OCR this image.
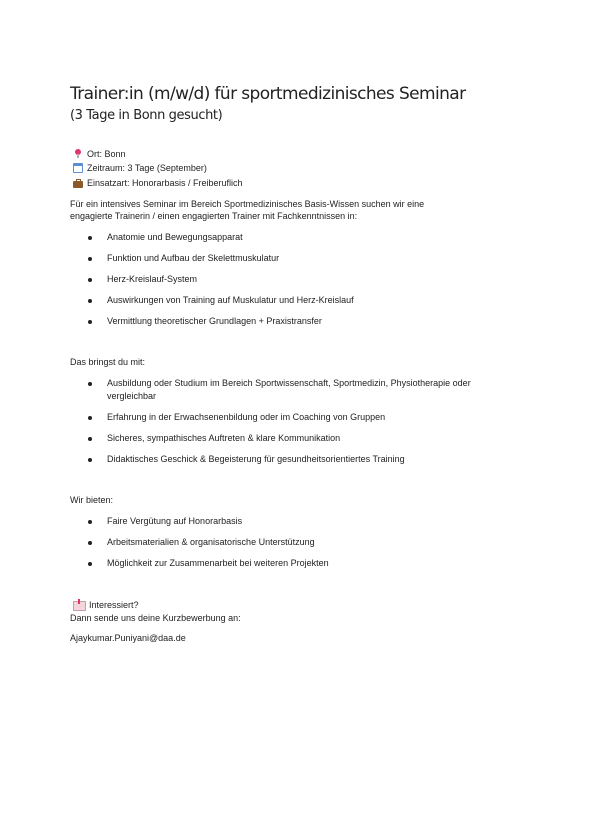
Trainer:in (m/w/d) für sportmedizinisches Seminar
(3 Tage in Bonn gesucht)
Ort: Bonn
Zeitraum: 3 Tage (September)
Einsatzart: Honorarbasis / Freiberuflich
Für ein intensives Seminar im Bereich Sportmedizinisches Basis-Wissen suchen wir eine
engagierte Trainerin / einen engagierten Trainer mit Fachkenntnissen in:
Anatomie und Bewegungsapparat
Funktion und Aufbau der Skelettmuskulatur
Herz-Kreislauf-System
Auswirkungen von Training auf Muskulatur und Herz-Kreislauf
Vermittlung theoretischer Grundlagen + Praxistransfer
Das bringst du mit:
Ausbildung oder Studium im Bereich Sportwissenschaft, Sportmedizin, Physiotherapie oder
vergleichbar
Erfahrung in der Erwachsenenbildung oder im Coaching von Gruppen
Sicheres, sympathisches Auftreten & klare Kommunikation
Didaktisches Geschick & Begeisterung für gesundheitsorientiertes Training
Wir bieten:
Faire Vergütung auf Honorarbasis
Arbeitsmaterialien & organisatorische Unterstützung
Möglichkeit zur Zusammenarbeit bei weiteren Projekten
Interessiert?
Dann sende uns deine Kurzbewerbung an:
Ajaykumar.Puniyani@daa.de
